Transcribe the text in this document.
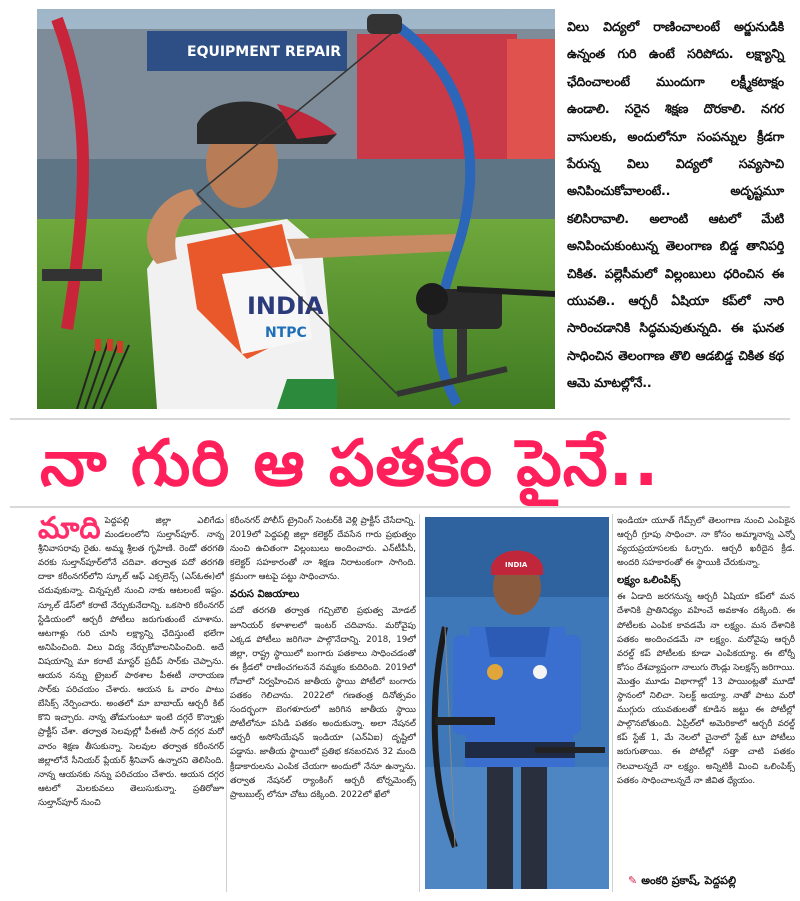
EQUIPMENT REPAIR
INDIA
NTPC

విలు విద్యలో రాణించాలంటే అర్జునుడికి ఉన్నంత గురి ఉంటే సరిపోదు. లక్ష్యాన్ని ఛేదించాలంటే ముందుగా లక్ష్మీకటాక్షం ఉండాలి. సరైన శిక్షణ దొరకాలి. నగర వాసులకు, అందులోనూ సంపన్నుల క్రీడగా పేరున్న విలు విద్యలో సవ్యసాచి అనిపించుకోవాలంటే.. అదృష్టమూ కలిసిరావాలి. అలాంటి ఆటలో మేటి అనిపించుకుంటున్న తెలంగాణ బిడ్డ తానిపర్తి చికిత. పల్లెసీమలో విల్లంబులు ధరించిన ఈ యువతి.. ఆర్చరీ ఏషియా కప్‌లో నారి సారించడానికి సిద్ధమవుతున్నది. ఈ ఘనత సాధించిన తెలంగాణ తొలి ఆడబిడ్డ చికిత కథ ఆమె మాటల్లోనే..

నా గురి ఆ పతకం పైనే..

మాది పెద్దపల్లి జిల్లా ఎలిగేడు మండలంలోని సుల్తాన్‌పూర్. నాన్న శ్రీనివాసరావు రైతు. అమ్మ శ్రీలత గృహిణి. రెండో తరగతి వరకు సుల్తాన్‌పూర్‌లోనే చదివా. తర్వాత పదో తరగతి దాకా కరీంనగర్‌లోని స్కూల్ ఆఫ్ ఎక్సలెన్స్ (ఎస్‌ఓఈ)లో చదువుకున్నా. చిన్నప్పటి నుంచి నాకు ఆటలంటే ఇష్టం. స్కూల్ డేస్‌లో కరాటే నేర్చుకునేదాన్ని. ఒకసారి కరీంనగర్ స్టేడియంలో ఆర్చరీ పోటీలు జరుగుతుంటే చూశాను. ఆటగాళ్లు గురి చూసి లక్ష్యాన్ని ఛేదిస్తుంటే భలేగా అనిపించింది. విలు విద్య నేర్చుకోవాలనిపించింది. అదే విషయాన్ని మా కరాటే మాస్టర్ ప్రదీప్ సార్‌కు చెప్పాను. ఆయన నన్ను ట్రైబల్ పాఠశాల పీఈటీ నారాయణ సార్‌కు పరిచయం చేశారు. ఆయన ఓ వారం పాటు బేసిక్స్ నేర్పించారు. అంతలో మా బాబాయ్ ఆర్చరీ కిట్ కొని ఇచ్చారు. నాన్న తోడుగుంటూ ఇంటి దగ్గరే కొన్నాళ్లు ప్రాక్టీస్ చేశా. తర్వాత సెలవుల్లో పీఈటీ సార్ దగ్గర మరో వారం శిక్షణ తీసుకున్నా. సెలవుల తర్వాత కరీంనగర్ జిల్లాలోనే సీనియర్ ప్లేయర్ శ్రీనివాస్ ఉన్నారని తెలిసింది. నాన్న ఆయనకు నన్ను పరిచయం చేశారు. ఆయన దగ్గర ఆటలో మెలకువలు తెలుసుకున్నా. ప్రతిరోజూ సుల్తాన్‌పూర్ నుంచి

కరీంనగర్ పోలీస్ ట్రైనింగ్ సెంటర్‌కి వెళ్లి ప్రాక్టీస్ చేసేదాన్ని. 2019లో పెద్దపల్లి జిల్లా కలెక్టర్ దేవసేన గారు ప్రభుత్వం నుంచి ఉచితంగా విల్లంబులు అందించారు. ఎన్‌టీపీసీ, కలెక్టర్ సహకారంతో నా శిక్షణ నిరాటంకంగా సాగింది. క్రమంగా ఆటపై పట్టు సాధించాను.

వరుస విజయాలు

పదో తరగతి తర్వాత గచ్చిబౌలి ప్రభుత్వ మోడల్ జూనియర్ కళాశాలలో ఇంటర్ చదివాను. మరోవైపు ఎక్కడ పోటీలు జరిగినా పాల్గొనేదాన్ని. 2018, 19లో జిల్లా, రాష్ట్ర స్థాయిలో బంగారు పతకాలు సాధించడంతో ఈ క్రీడలో రాణించగలననే నమ్మకం కుదిరింది. 2019లో గోవాలో నిర్వహించిన జాతీయ స్థాయి పోటీలో బంగారు పతకం గెలిచాను. 2022లో గణతంత్ర దినోత్సవం సందర్భంగా బెంగళూరులో జరిగిన జాతీయ స్థాయి పోటీలోనూ పసిడి పతకం అందుకున్నా. అలా నేషనల్ ఆర్చరీ అసోసియేషన్ ఇండియా (ఎన్ఏఐ) దృష్టిలో పడ్డాను. జాతీయ స్థాయిలో ప్రతిభ కనబరచిన 32 మంది క్రీడాకారులను ఎంపిక చేయగా అందులో నేనూ ఉన్నాను. తర్వాత నేషనల్ ర్యాంకింగ్ ఆర్చరీ టోర్నమెంట్స్ ప్రాబబుల్స్ లోనూ చోటు దక్కింది. 2022లో ఖేలో

INDIA

ఇండియా యూత్ గేమ్స్‌లో తెలంగాణ నుంచి ఎంపికైన ఆర్చరీ గ్రూపు సాధించా. నా కోసం అమ్మానాన్న ఎన్నో వ్యయప్రయాసలకు ఓర్చారు. ఆర్చరీ ఖరీదైన క్రీడ. అందరి సహకారంతో ఈ స్థాయికి చేరుకున్నా.

లక్ష్యం ఒలింపిక్స్

ఈ ఏడాది జరగనున్న ఆర్చరీ ఏషియా కప్‌లో మన దేశానికి ప్రాతినిధ్యం వహించే అవకాశం దక్కింది. ఈ పోటీలకు ఎంపిక కావడమే నా లక్ష్యం. మన దేశానికి పతకం అందించడమే నా లక్ష్యం. మరోవైపు ఆర్చరీ వరల్డ్ కప్ పోటీలకు కూడా ఎంపికయ్యా. ఈ టోర్నీ కోసం దేశవ్యాప్తంగా నాలుగు రౌండ్లు సెలక్షన్స్ జరిగాయి. మొత్తం మూడు విభాగాల్లో 13 పాయింట్లతో మూడో స్థానంలో నిలిచా. సెలక్ట్ అయ్యా. నాతో పాటు మరో ముగ్గురు యువతులతో కూడిన జట్టు ఈ పోటీల్లో పాల్గొనబోతుంది. ఏప్రిల్‌లో అమెరికాలో ఆర్చరీ వరల్డ్ కప్ స్టేజ్ 1, మే నెలలో చైనాలో స్టేజ్ టూ పోటీలు జరుగుతాయి. ఈ పోటీల్లో సత్తా చాటి పతకం గెలవాలన్నదే నా లక్ష్యం. అన్నిటికీ మించి ఒలింపిక్స్ పతకం సాధించాలన్నదే నా జీవిత ధ్యేయం.

✎ అంకరి ప్రకాష్, పెద్దపల్లి
